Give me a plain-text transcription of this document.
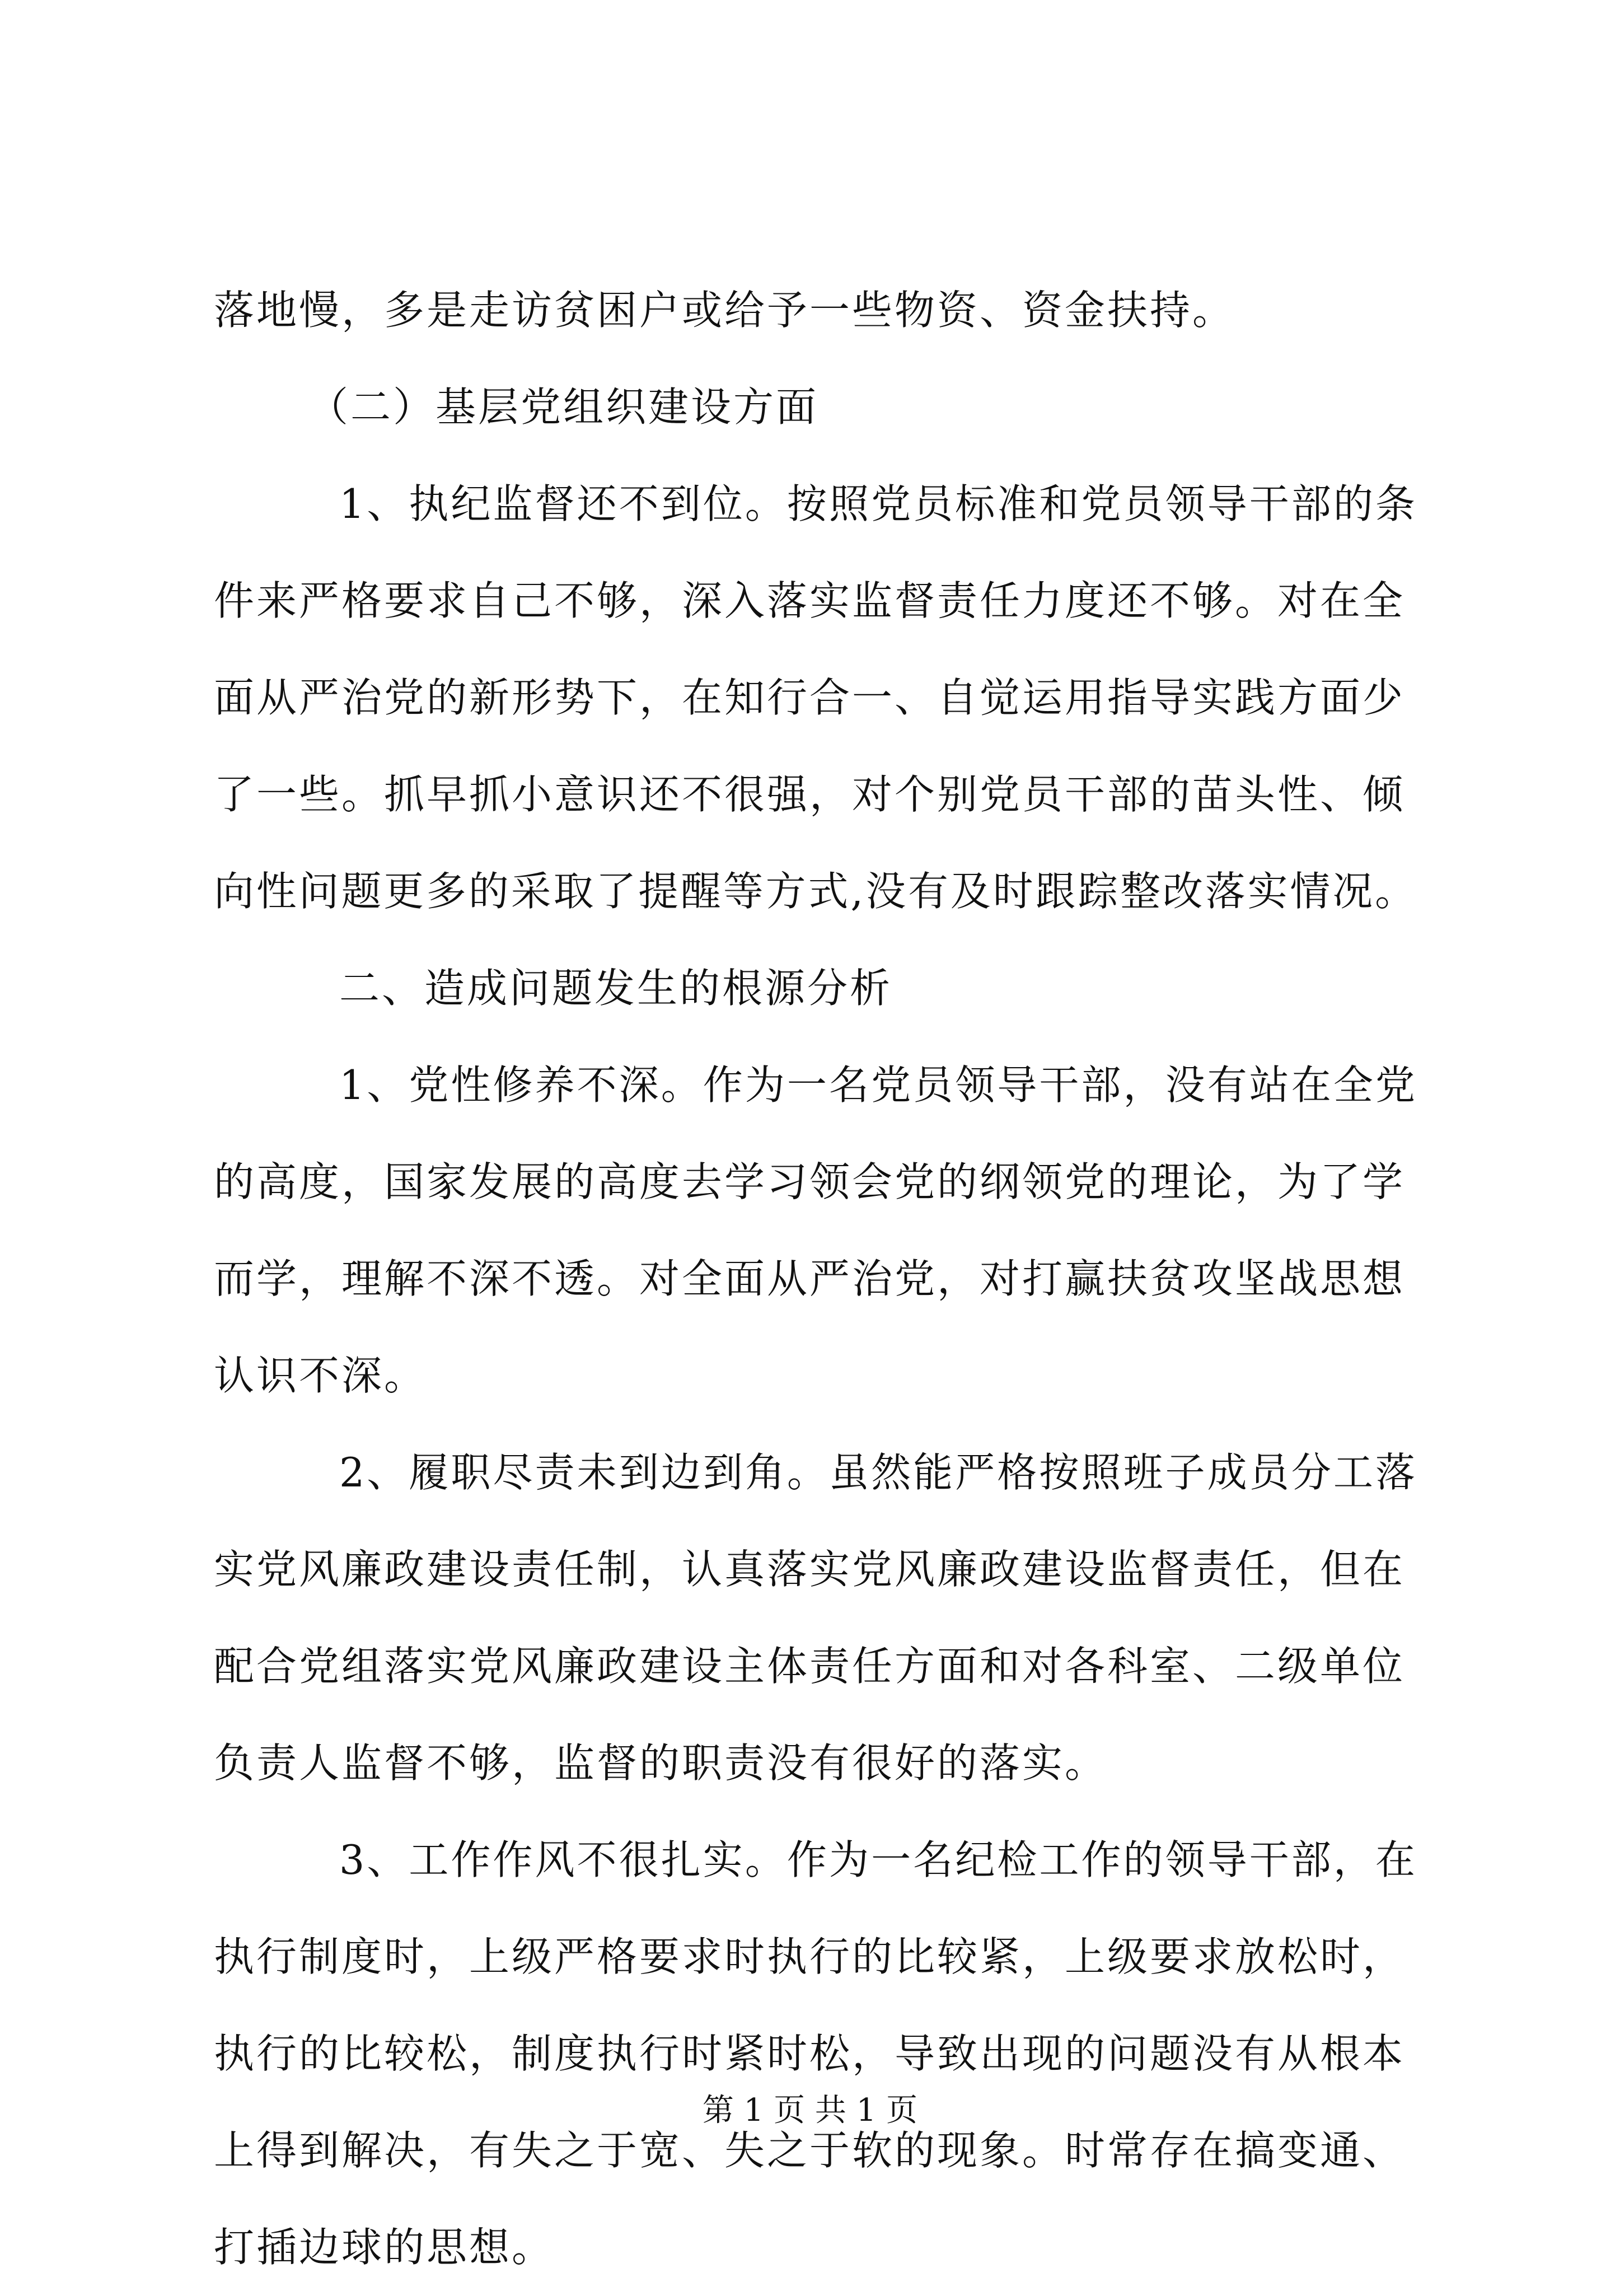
落地慢，多是走访贫困户或给予一些物资、资金扶持。
（二）基层党组织建设方面
1、执纪监督还不到位。按照党员标准和党员领导干部的条
件来严格要求自己不够，深入落实监督责任力度还不够。对在全
面从严治党的新形势下，在知行合一、自觉运用指导实践方面少
了一些。抓早抓小意识还不很强，对个别党员干部的苗头性、倾
向性问题更多的采取了提醒等方式,没有及时跟踪整改落实情况。
二、造成问题发生的根源分析
1、党性修养不深。作为一名党员领导干部，没有站在全党
的高度，国家发展的高度去学习领会党的纲领党的理论，为了学
而学，理解不深不透。对全面从严治党，对打赢扶贫攻坚战思想
认识不深。
2、履职尽责未到边到角。虽然能严格按照班子成员分工落
实党风廉政建设责任制，认真落实党风廉政建设监督责任，但在
配合党组落实党风廉政建设主体责任方面和对各科室、二级单位
负责人监督不够，监督的职责没有很好的落实。
3、工作作风不很扎实。作为一名纪检工作的领导干部，在
执行制度时，上级严格要求时执行的比较紧，上级要求放松时，
执行的比较松，制度执行时紧时松，导致出现的问题没有从根本
上得到解决，有失之于宽、失之于软的现象。时常存在搞变通、
打插边球的思想。
第 1 页 共 1 页
